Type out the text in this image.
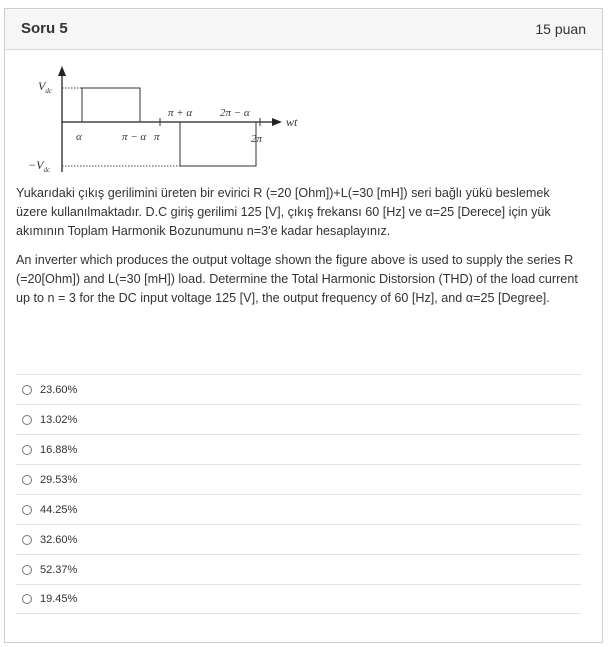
Soru 5	15 puan
$V_{dc}$
$-V_{dc}$
α	π − α π
π + α	2π − α
2π
wt
Yukarıdaki çıkış gerilimini üreten bir evirici R (=20 [Ohm])+L(=30 [mH]) seri bağlı yükü beslemek üzere kullanılmaktadır. D.C giriş gerilimi 125 [V], çıkış frekansı 60 [Hz] ve α=25 [Derece] için yük akımının Toplam Harmonik Bozunumunu n=3'e kadar hesaplayınız.
An inverter which produces the output voltage shown the figure above is used to supply the series R (=20[Ohm]) and L(=30 [mH]) load. Determine the Total Harmonic Distorsion (THD) of the load current up to n = 3 for the DC input voltage 125 [V], the output frequency of 60 [Hz], and α=25 [Degree].
23.60%
13.02%
16.88%
29.53%
44.25%
32.60%
52.37%
19.45%
